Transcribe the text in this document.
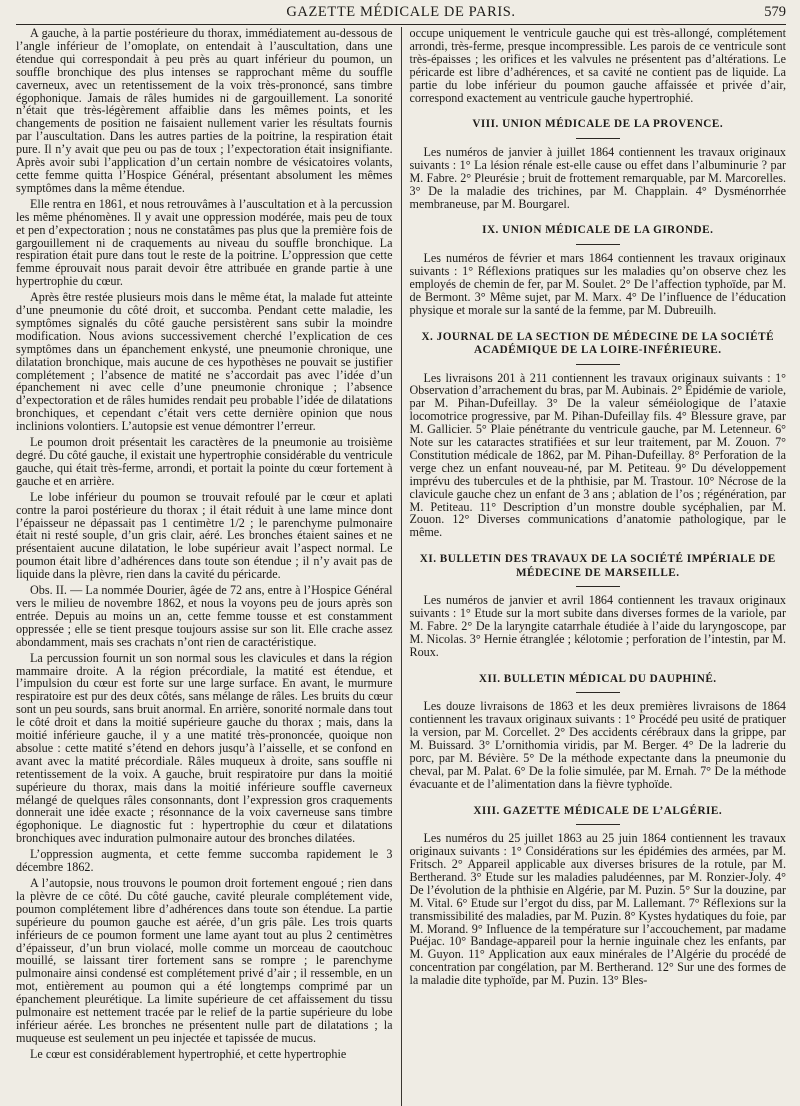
GAZETTE MÉDICALE DE PARIS.	579

A gauche, à la partie postérieure du thorax, immédiatement au-dessous de l’angle inférieur de l’omoplate, on entendait à l’auscultation, dans une étendue qui correspondait à peu près au quart inférieur du poumon, un souffle bronchique des plus intenses se rapprochant même du souffle caverneux, avec un retentissement de la voix très-prononcé, sans timbre égophonique. Jamais de râles humides ni de gargouillement. La sonorité n’était que très-légèrement affaiblie dans les mêmes points, et les changements de position ne faisaient nullement varier les résultats fournis par l’auscultation. Dans les autres parties de la poitrine, la respiration était pure. Il n’y avait que peu ou pas de toux ; l’expectoration était insignifiante. Après avoir subi l’application d’un certain nombre de vésicatoires volants, cette femme quitta l’Hospice Général, présentant absolument les mêmes symptômes dans la même étendue.

Elle rentra en 1861, et nous retrouvâmes à l’auscultation et à la percussion les même phénomènes. Il y avait une oppression modérée, mais peu de toux et pen d’expectoration ; nous ne constatâmes pas plus que la première fois de gargouillement ni de craquements au niveau du souffle bronchique. La respiration était pure dans tout le reste de la poitrine. L’oppression que cette femme éprouvait nous parait devoir être attribuée en grande partie à une hypertrophie du cœur.

Après être restée plusieurs mois dans le même état, la malade fut atteinte d’une pneumonie du côté droit, et succomba. Pendant cette maladie, les symptômes signalés du côté gauche persistèrent sans subir la moindre modification. Nous avions successivement cherché l’explication de ces symptômes dans un épanchement enkysté, une pneumonie chronique, une dilatation bronchique, mais aucune de ces hypothèses ne pouvait se justifier complétement ; l’absence de matité ne s’accordait pas avec l’idée d’un épanchement ni avec celle d’une pneumonie chronique ; l’absence d’expectoration et de râles humides rendait peu probable l’idée de dilatations bronchiques, et cependant c’était vers cette dernière opinion que nous inclinions volontiers. L’autopsie est venue démontrer l’erreur.

Le poumon droit présentait les caractères de la pneumonie au troisième degré. Du côté gauche, il existait une hypertrophie considérable du ventricule gauche, qui était très-ferme, arrondi, et portait la pointe du cœur fortement à gauche et en arrière.

Le lobe inférieur du poumon se trouvait refoulé par le cœur et aplati contre la paroi postérieure du thorax ; il était réduit à une lame mince dont l’épaisseur ne dépassait pas 1 centimètre 1/2 ; le parenchyme pulmonaire était ni resté souple, d’un gris clair, aéré. Les bronches étaient saines et ne présentaient aucune dilatation, le lobe supérieur avait l’aspect normal. Le poumon était libre d’adhérences dans toute son étendue ; il n’y avait pas de liquide dans la plèvre, rien dans la cavité du péricarde.

Obs. II. — La nommée Dourier, âgée de 72 ans, entre à l’Hospice Général vers le milieu de novembre 1862, et nous la voyons peu de jours après son entrée. Depuis au moins un an, cette femme tousse et est constamment oppressée ; elle se tient presque toujours assise sur son lit. Elle crache assez abondamment, mais ses crachats n’ont rien de caractéristique.

La percussion fournit un son normal sous les clavicules et dans la région mammaire droite. A la région précordiale, la matité est étendue, et l’impulsion du cœur est forte sur une large surface. En avant, le murmure respiratoire est pur des deux côtés, sans mélange de râles. Les bruits du cœur sont un peu sourds, sans bruit anormal. En arrière, sonorité normale dans tout le côté droit et dans la moitié supérieure gauche du thorax ; mais, dans la moitié inférieure gauche, il y a une matité très-prononcée, quoique non absolue : cette matité s’étend en dehors jusqu’à l’aisselle, et se confond en avant avec la matité précordiale. Râles muqueux à droite, sans souffle ni retentissement de la voix. A gauche, bruit respiratoire pur dans la moitié supérieure du thorax, mais dans la moitié inférieure souffle caverneux mélangé de quelques râles consonnants, dont l’expression gros craquements donnerait une idée exacte ; résonnance de la voix caverneuse sans timbre égophonique. Le diagnostic fut : hypertrophie du cœur et dilatations bronchiques avec induration pulmonaire autour des bronches dilatées.

L’oppression augmenta, et cette femme succomba rapidement le 3 décembre 1862.

A l’autopsie, nous trouvons le poumon droit fortement engoué ; rien dans la plèvre de ce côté. Du côté gauche, cavité pleurale complétement vide, poumon complétement libre d’adhérences dans toute son étendue. La partie supérieure du poumon gauche est aérée, d’un gris pâle. Les trois quarts inférieurs de ce poumon forment une lame ayant tout au plus 2 centimètres d’épaisseur, d’un brun violacé, molle comme un morceau de caoutchouc mouillé, se laissant tirer fortement sans se rompre ; le parenchyme pulmonaire ainsi condensé est complétement privé d’air ; il ressemble, en un mot, entièrement au poumon qui a été longtemps comprimé par un épanchement pleurétique. La limite supérieure de cet affaissement du tissu pulmonaire est nettement tracée par le relief de la partie supérieure du lobe inférieur aérée. Les bronches ne présentent nulle part de dilatations ; la muqueuse est seulement un peu injectée et tapissée de mucus.

Le cœur est considérablement hypertrophié, et cette hypertrophie

occupe uniquement le ventricule gauche qui est très-allongé, complétement arrondi, très-ferme, presque incompressible. Les parois de ce ventricule sont très-épaisses ; les orifices et les valvules ne présentent pas d’altérations. Le péricarde est libre d’adhérences, et sa cavité ne contient pas de liquide. La partie du lobe inférieur du poumon gauche affaissée et privée d’air, correspond exactement au ventricule gauche hypertrophié.

VIII. UNION MÉDICALE DE LA PROVENCE.

Les numéros de janvier à juillet 1864 contiennent les travaux originaux suivants : 1° La lésion rénale est-elle cause ou effet dans l’albuminurie ? par M. Fabre. 2° Pleurésie ; bruit de frottement remarquable, par M. Marcorelles. 3° De la maladie des trichines, par M. Chapplain. 4° Dysménorrhée membraneuse, par M. Bourgarel.

IX. UNION MÉDICALE DE LA GIRONDE.

Les numéros de février et mars 1864 contiennent les travaux originaux suivants : 1° Réflexions pratiques sur les maladies qu’on observe chez les employés de chemin de fer, par M. Soulet. 2° De l’affection typhoïde, par M. de Bermont. 3° Même sujet, par M. Marx. 4° De l’influence de l’éducation physique et morale sur la santé de la femme, par M. Dubreuilh.

X. JOURNAL DE LA SECTION DE MÉDECINE DE LA SOCIÉTÉ ACADÉMIQUE DE LA LOIRE-INFÉRIEURE.

Les livraisons 201 à 211 contiennent les travaux originaux suivants : 1° Observation d’arrachement du bras, par M. Aubinais. 2° Épidémie de variole, par M. Pihan-Dufeillay. 3° De la valeur séméiologique de l’ataxie locomotrice progressive, par M. Pihan-Dufeillay fils. 4° Blessure grave, par M. Gallicier. 5° Plaie pénétrante du ventricule gauche, par M. Letenneur. 6° Note sur les cataractes stratifiées et sur leur traitement, par M. Zouon. 7° Constitution médicale de 1862, par M. Pihan-Dufeillay. 8° Perforation de la verge chez un enfant nouveau-né, par M. Petiteau. 9° Du développement imprévu des tubercules et de la phthisie, par M. Trastour. 10° Nécrose de la clavicule gauche chez un enfant de 3 ans ; ablation de l’os ; régénération, par M. Petiteau. 11° Description d’un monstre double sycéphalien, par M. Zouon. 12° Diverses communications d’anatomie pathologique, par le même.

XI. BULLETIN DES TRAVAUX DE LA SOCIÉTÉ IMPÉRIALE DE MÉDECINE DE MARSEILLE.

Les numéros de janvier et avril 1864 contiennent les travaux originaux suivants : 1° Etude sur la mort subite dans diverses formes de la variole, par M. Fabre. 2° De la laryngite catarrhale étudiée à l’aide du laryngoscope, par M. Nicolas. 3° Hernie étranglée ; kélotomie ; perforation de l’intestin, par M. Roux.

XII. BULLETIN MÉDICAL DU DAUPHINÉ.

Les douze livraisons de 1863 et les deux premières livraisons de 1864 contiennent les travaux originaux suivants : 1° Procédé peu usité de pratiquer la version, par M. Corcellet. 2° Des accidents cérébraux dans la grippe, par M. Buissard. 3° L’ornithomia viridis, par M. Berger. 4° De la ladrerie du porc, par M. Bévière. 5° De la méthode expectante dans la pneumonie du cheval, par M. Palat. 6° De la folie simulée, par M. Ernah. 7° De la méthode évacuante et de l’alimentation dans la fièvre typhoïde.

XIII. GAZETTE MÉDICALE DE L’ALGÉRIE.

Les numéros du 25 juillet 1863 au 25 juin 1864 contiennent les travaux originaux suivants : 1° Considérations sur les épidémies des armées, par M. Fritsch. 2° Appareil applicable aux diverses brisures de la rotule, par M. Bertherand. 3° Etude sur les maladies paludéennes, par M. Ronzier-Joly. 4° De l’évolution de la phthisie en Algérie, par M. Puzin. 5° Sur la douzine, par M. Vital. 6° Etude sur l’ergot du diss, par M. Lallemant. 7° Réflexions sur la transmissibilité des maladies, par M. Puzin. 8° Kystes hydatiques du foie, par M. Morand. 9° Influence de la température sur l’accouchement, par madame Puéjac. 10° Bandage-appareil pour la hernie inguinale chez les enfants, par M. Guyon. 11° Application aux eaux minérales de l’Algérie du procédé de concentration par congélation, par M. Bertherand. 12° Sur une des formes de la maladie dite typhoïde, par M. Puzin. 13° Bles-
